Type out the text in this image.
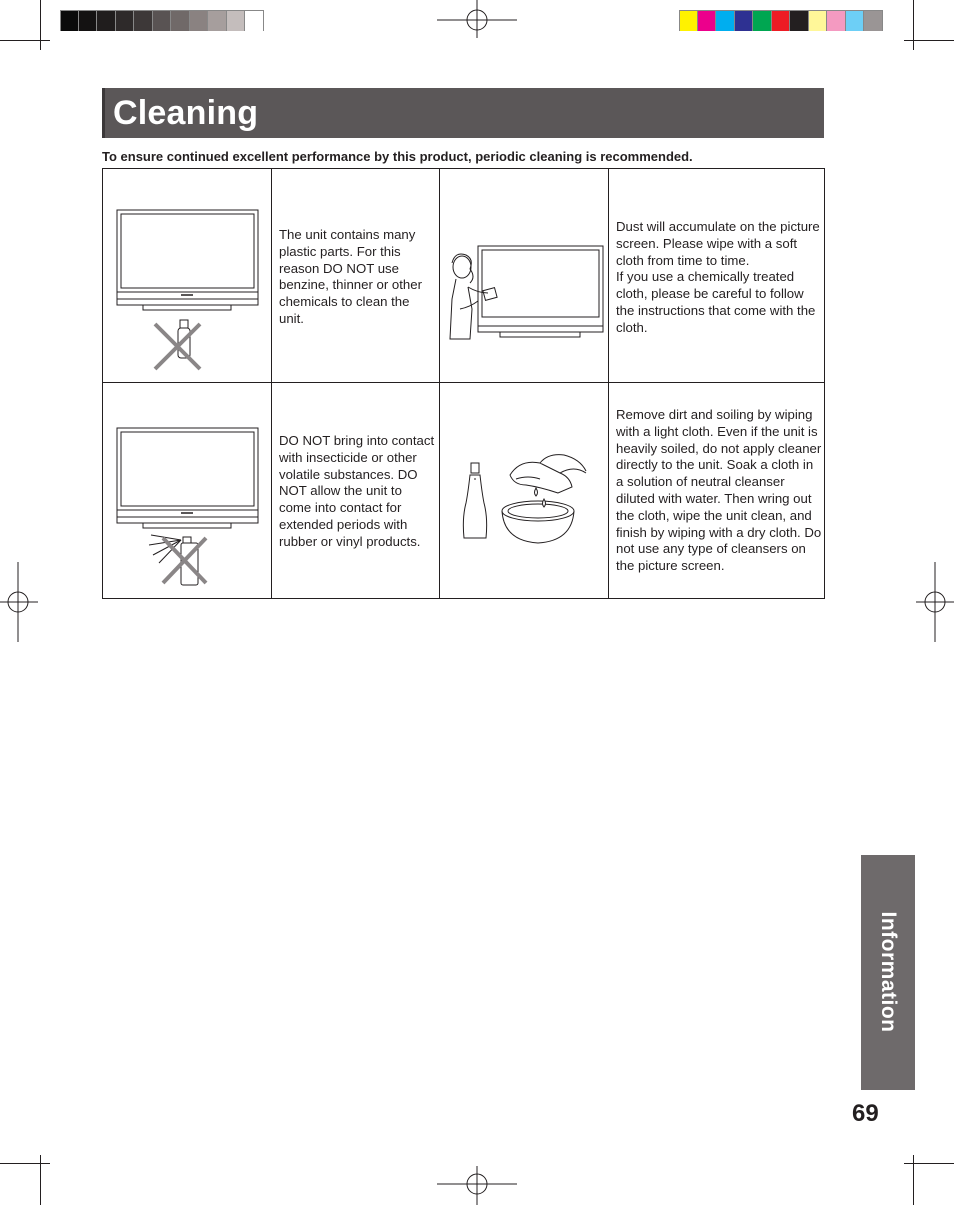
Cleaning
To ensure continued excellent performance by this product, periodic cleaning is recommended.
The unit contains many plastic parts. For this reason DO NOT use benzine, thinner or other chemicals to clean the unit.
Dust will accumulate on the picture screen. Please wipe with a soft cloth from time to time.
If you use a chemically treated cloth, please be careful to follow the instructions that come with the cloth.
DO NOT bring into contact with insecticide or other volatile substances. DO NOT allow the unit to come into contact for extended periods with rubber or vinyl products.
Remove dirt and soiling by wiping with a light cloth. Even if the unit is heavily soiled, do not apply cleaner directly to the unit. Soak a cloth in a solution of neutral cleanser diluted with water. Then wring out the cloth, wipe the unit clean, and finish by wiping with a dry cloth. Do not use any type of cleansers on the picture screen.
Information
69
